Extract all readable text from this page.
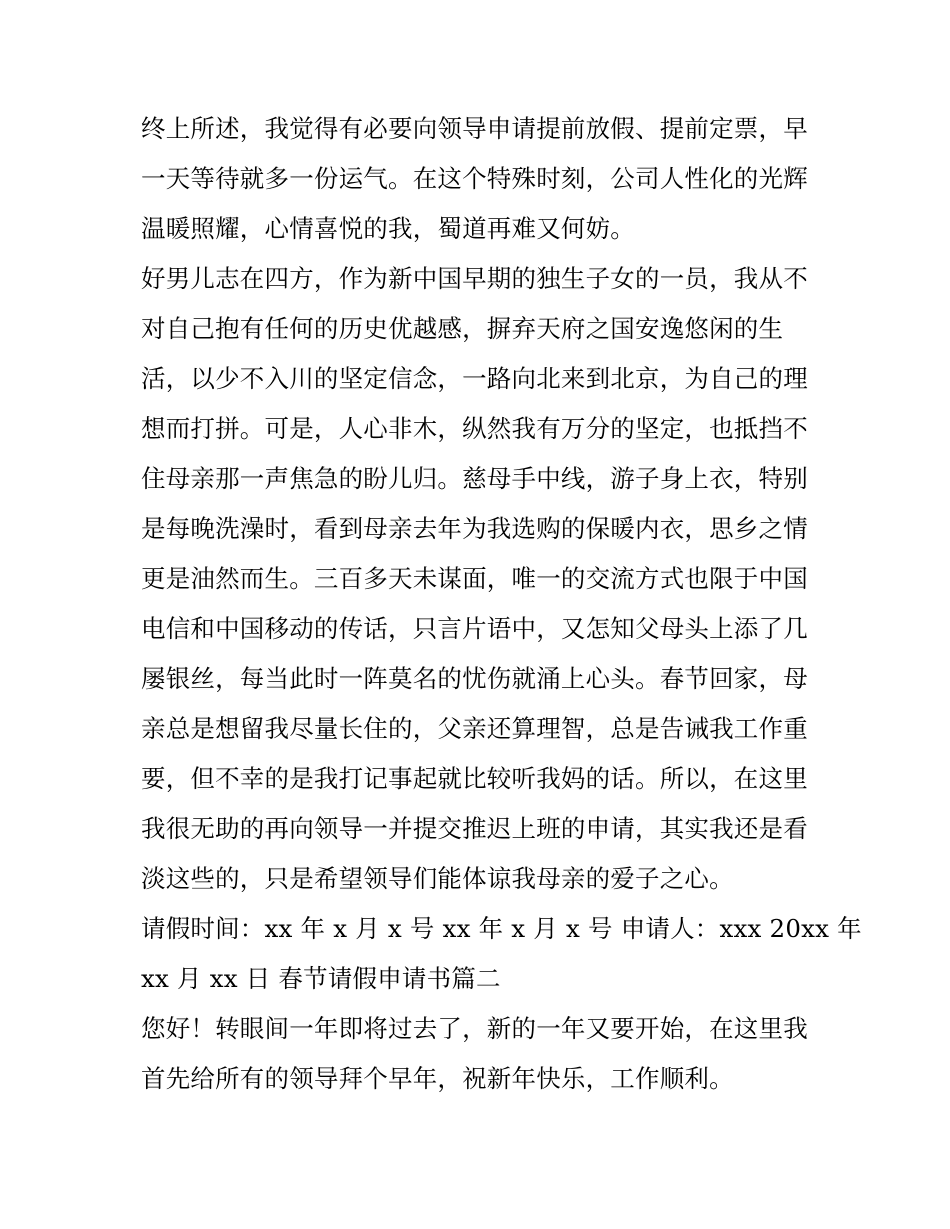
终上所述，我觉得有必要向领导申请提前放假、提前定票，早
一天等待就多一份运气。在这个特殊时刻，公司人性化的光辉
温暖照耀，心情喜悦的我，蜀道再难又何妨。

好男儿志在四方，作为新中国早期的独生子女的一员，我从不
对自己抱有任何的历史优越感，摒弃天府之国安逸悠闲的生
活，以少不入川的坚定信念，一路向北来到北京，为自己的理
想而打拼。可是，人心非木，纵然我有万分的坚定，也抵挡不
住母亲那一声焦急的盼儿归。慈母手中线，游子身上衣，特别
是每晚洗澡时，看到母亲去年为我选购的保暖内衣，思乡之情
更是油然而生。三百多天未谋面，唯一的交流方式也限于中国
电信和中国移动的传话，只言片语中，又怎知父母头上添了几
屡银丝，每当此时一阵莫名的忧伤就涌上心头。春节回家，母
亲总是想留我尽量长住的，父亲还算理智，总是告诫我工作重
要，但不幸的是我打记事起就比较听我妈的话。所以，在这里
我很无助的再向领导一并提交推迟上班的申请，其实我还是看
淡这些的，只是希望领导们能体谅我母亲的爱子之心。

请假时间：xx 年 x 月 x 号 xx 年 x 月 x 号 申请人：xxx 20xx 年
xx 月 xx 日 春节请假申请书篇二

您好！转眼间一年即将过去了，新的一年又要开始，在这里我
首先给所有的领导拜个早年，祝新年快乐，工作顺利。
